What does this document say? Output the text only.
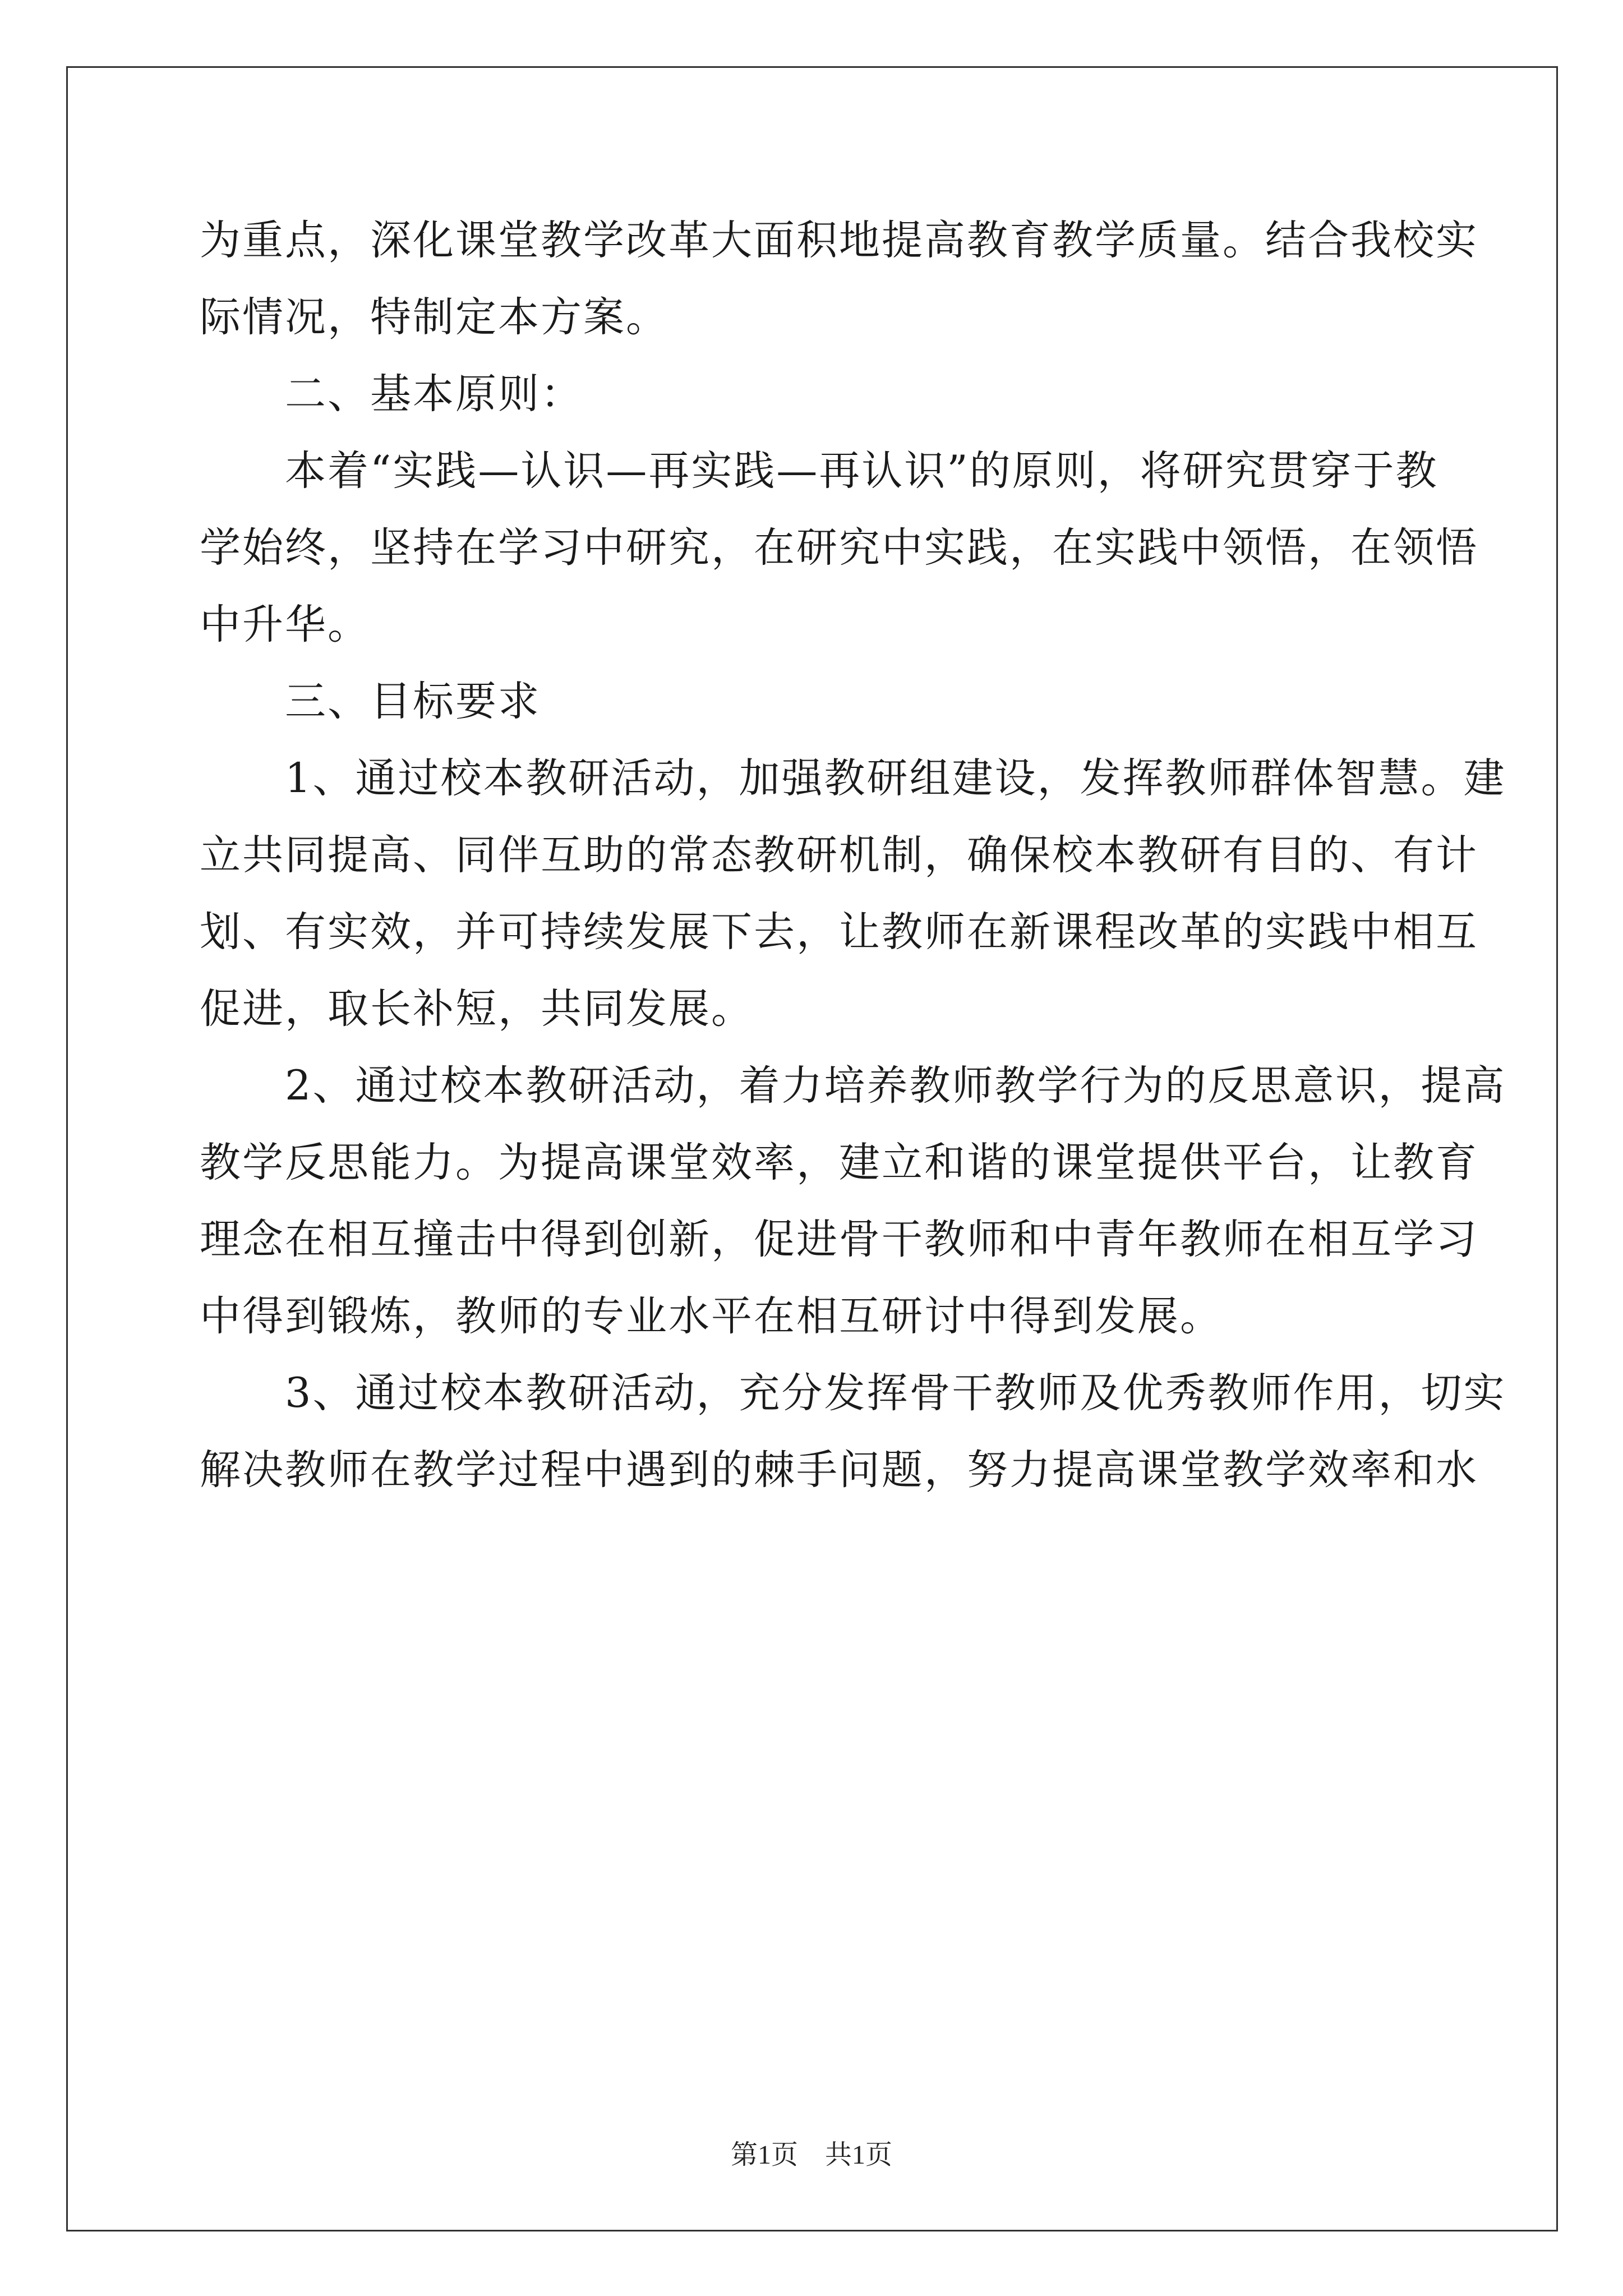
为重点，深化课堂教学改革大面积地提高教育教学质量。结合我校实
际情况，特制定本方案。
　　二、基本原则：
　　本着“实践—认识—再实践—再认识”的原则，将研究贯穿于教
学始终，坚持在学习中研究，在研究中实践，在实践中领悟，在领悟
中升华。
　　三、目标要求
　　1、通过校本教研活动，加强教研组建设，发挥教师群体智慧。建
立共同提高、同伴互助的常态教研机制，确保校本教研有目的、有计
划、有实效，并可持续发展下去，让教师在新课程改革的实践中相互
促进，取长补短，共同发展。
　　2、通过校本教研活动，着力培养教师教学行为的反思意识，提高
教学反思能力。为提高课堂效率，建立和谐的课堂提供平台，让教育
理念在相互撞击中得到创新，促进骨干教师和中青年教师在相互学习
中得到锻炼，教师的专业水平在相互研讨中得到发展。
　　3、通过校本教研活动，充分发挥骨干教师及优秀教师作用，切实
解决教师在教学过程中遇到的棘手问题，努力提高课堂教学效率和水
第1页　共1页
